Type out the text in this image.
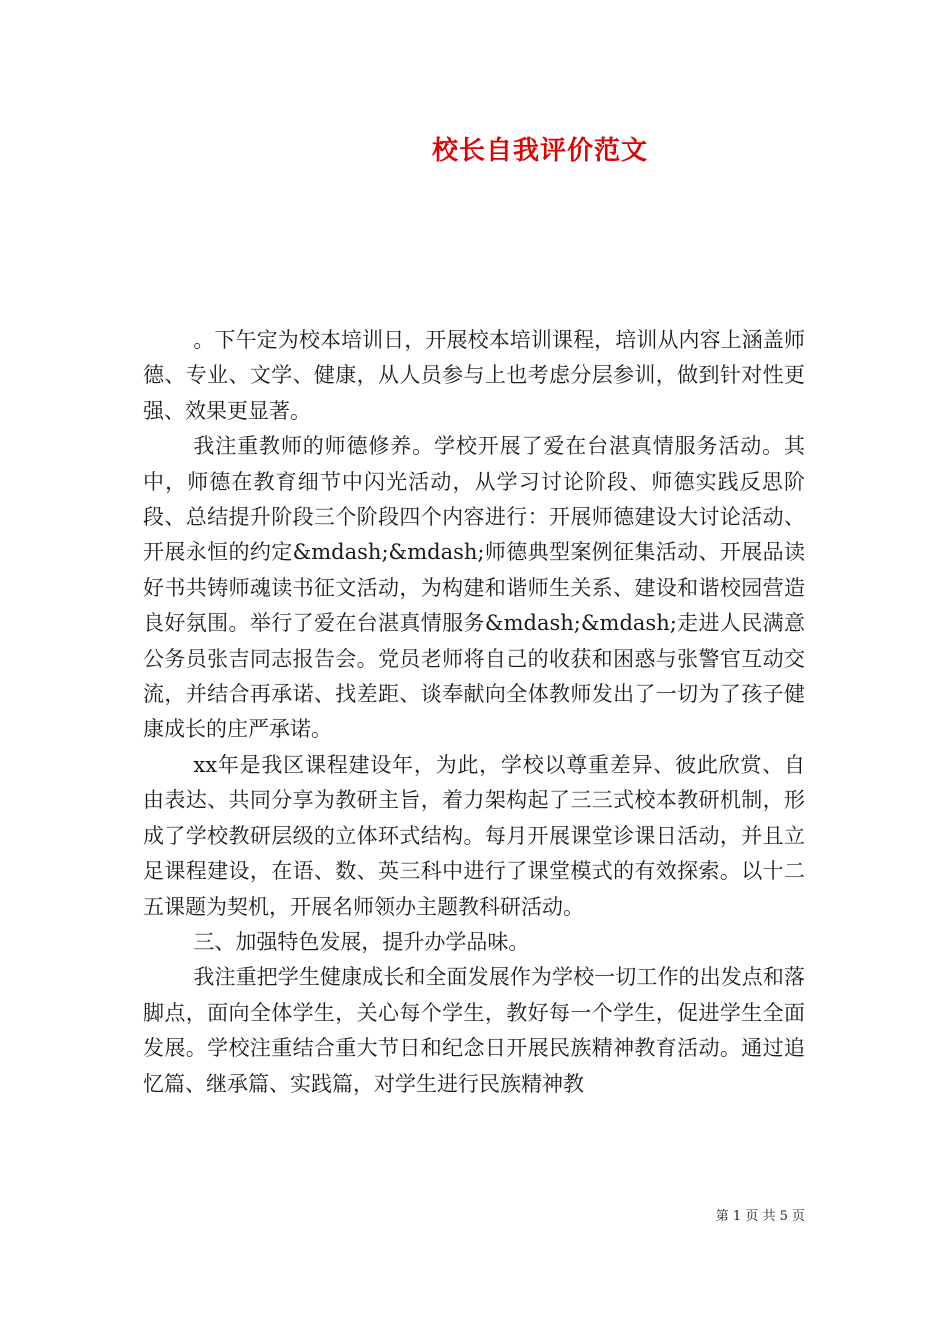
校长自我评价范文

。下午定为校本培训日，开展校本培训课程，培训从内容上涵盖师德、专业、文学、健康，从人员参与上也考虑分层参训，做到针对性更强、效果更显著。

我注重教师的师德修养。学校开展了爱在台湛真情服务活动。其中，师德在教育细节中闪光活动，从学习讨论阶段、师德实践反思阶段、总结提升阶段三个阶段四个内容进行：开展师德建设大讨论活动、开展永恒的约定&mdash;&mdash;师德典型案例征集活动、开展品读好书共铸师魂读书征文活动，为构建和谐师生关系、建设和谐校园营造良好氛围。举行了爱在台湛真情服务&mdash;&mdash;走进人民满意公务员张吉同志报告会。党员老师将自己的收获和困惑与张警官互动交流，并结合再承诺、找差距、谈奉献向全体教师发出了一切为了孩子健康成长的庄严承诺。

xx年是我区课程建设年，为此，学校以尊重差异、彼此欣赏、自由表达、共同分享为教研主旨，着力架构起了三三式校本教研机制，形成了学校教研层级的立体环式结构。每月开展课堂诊课日活动，并且立足课程建设，在语、数、英三科中进行了课堂模式的有效探索。以十二五课题为契机，开展名师领办主题教科研活动。

三、加强特色发展，提升办学品味。

我注重把学生健康成长和全面发展作为学校一切工作的出发点和落脚点，面向全体学生，关心每个学生，教好每一个学生，促进学生全面发展。学校注重结合重大节日和纪念日开展民族精神教育活动。通过追忆篇、继承篇、实践篇，对学生进行民族精神教

第 1 页 共 5 页
